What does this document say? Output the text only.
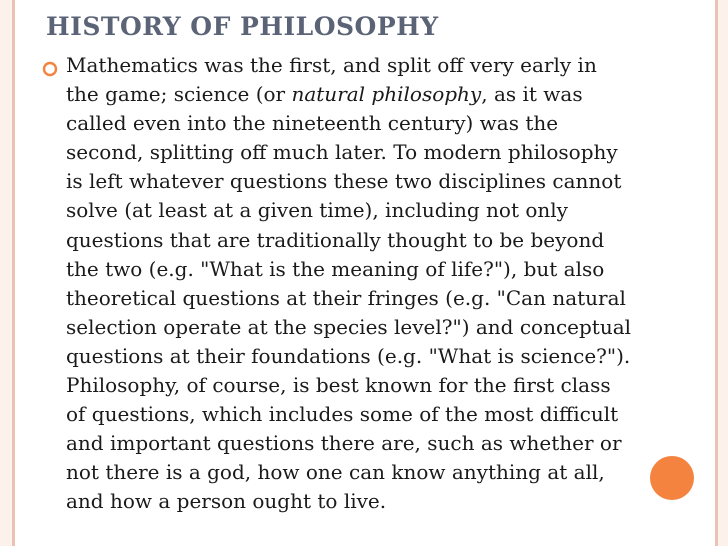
HISTORY OF PHILOSOPHY
Mathematics was the first, and split off very early in
the game; science (or natural philosophy, as it was
called even into the nineteenth century) was the
second, splitting off much later. To modern philosophy
is left whatever questions these two disciplines cannot
solve (at least at a given time), including not only
questions that are traditionally thought to be beyond
the two (e.g. "What is the meaning of life?"), but also
theoretical questions at their fringes (e.g. "Can natural
selection operate at the species level?") and conceptual
questions at their foundations (e.g. "What is science?").
Philosophy, of course, is best known for the first class
of questions, which includes some of the most difficult
and important questions there are, such as whether or
not there is a god, how one can know anything at all,
and how a person ought to live.
